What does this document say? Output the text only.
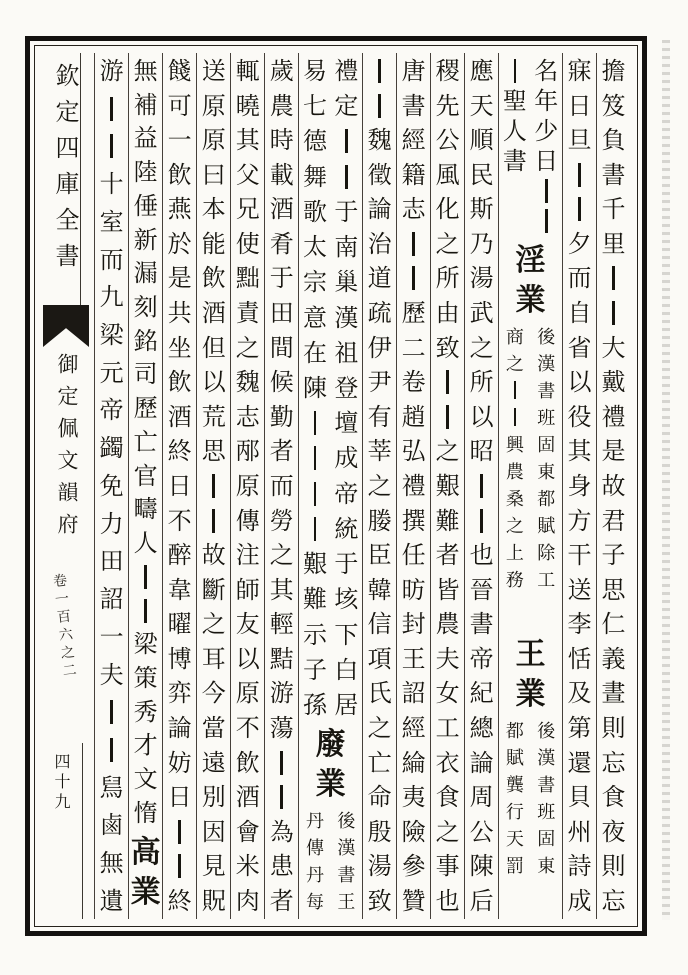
欽定四庫全書
御定佩文韻府
卷一百六之二
四十九
擔
笈
負
書
千
里
大
戴
禮
是
故
君
子
思
仁
義
晝
則
忘
食
夜
則
忘
寐
日
旦
夕
而
自
省
以
役
其
身
方
干
送
李
恬
及
第
還
貝
州
詩
成
名
年
少
日
聖
人
書
淫
業
後
漢
書
班
固
東
都
賦
除
工
商
之
興
農
桑
之
上
務
王
業
後
漢
書
班
固
東
都
賦
龔
行
天
罰
應
天
順
民
斯
乃
湯
武
之
所
以
昭
也
晉
書
帝
紀
總
論
周
公
陳
后
稷
先
公
風
化
之
所
由
致
之
艱
難
者
皆
農
夫
女
工
衣
食
之
事
也
唐
書
經
籍
志
歷
二
卷
趙
弘
禮
撰
任
昉
封
王
詔
經
綸
夷
險
參
贊
魏
徵
論
治
道
疏
伊
尹
有
莘
之
媵
臣
韓
信
項
氏
之
亡
命
殷
湯
致
禮
定
于
南
巢
漢
祖
登
壇
成
帝
統
于
垓
下
白
居
易
七
德
舞
歌
太
宗
意
在
陳
艱
難
示
子
孫
廢
業
後
漢
書
王
丹
傳
丹
每
歲
農
時
載
酒
肴
于
田
間
候
勤
者
而
勞
之
其
輕
黠
游
蕩
為
患
者
輒
曉
其
父
兄
使
黜
責
之
魏
志
邴
原
傳
注
師
友
以
原
不
飲
酒
會
米
肉
送
原
原
曰
本
能
飲
酒
但
以
荒
思
故
斷
之
耳
今
當
遠
別
因
見
貺
餞
可
一
飲
燕
於
是
共
坐
飲
酒
終
日
不
醉
韋
曜
博
弈
論
妨
日
終
無
補
益
陸
倕
新
漏
刻
銘
司
歷
亡
官
疇
人
梁
策
秀
才
文
惰
高
業
游
十
室
而
九
梁
元
帝
蠲
免
力
田
詔
一
夫
舃
鹵
無
遺
